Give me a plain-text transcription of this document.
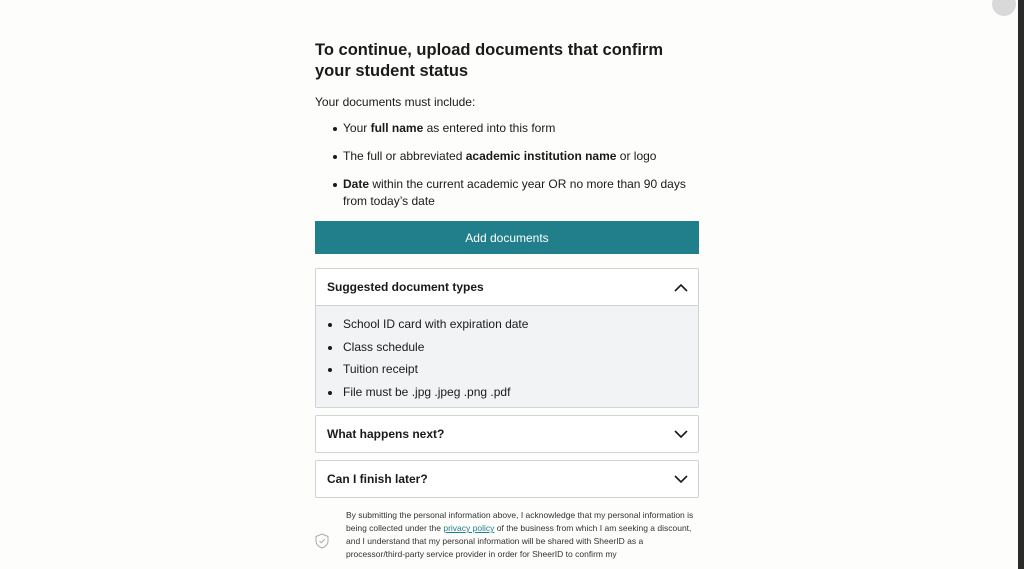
To continue, upload documents that confirm your student status

Your documents must include:

Your full name as entered into this form
The full or abbreviated academic institution name or logo
Date within the current academic year OR no more than 90 days from today’s date
Add documents
Suggested document types
School ID card with expiration date
Class schedule
Tuition receipt
File must be .jpg .jpeg .png .pdf
What happens next?
Can I finish later?

By submitting the personal information above, I acknowledge that my personal information is being collected under the privacy policy of the business from which I am seeking a discount, and I understand that my personal information will be shared with SheerID as a processor/third-party service provider in order for SheerID to confirm my
